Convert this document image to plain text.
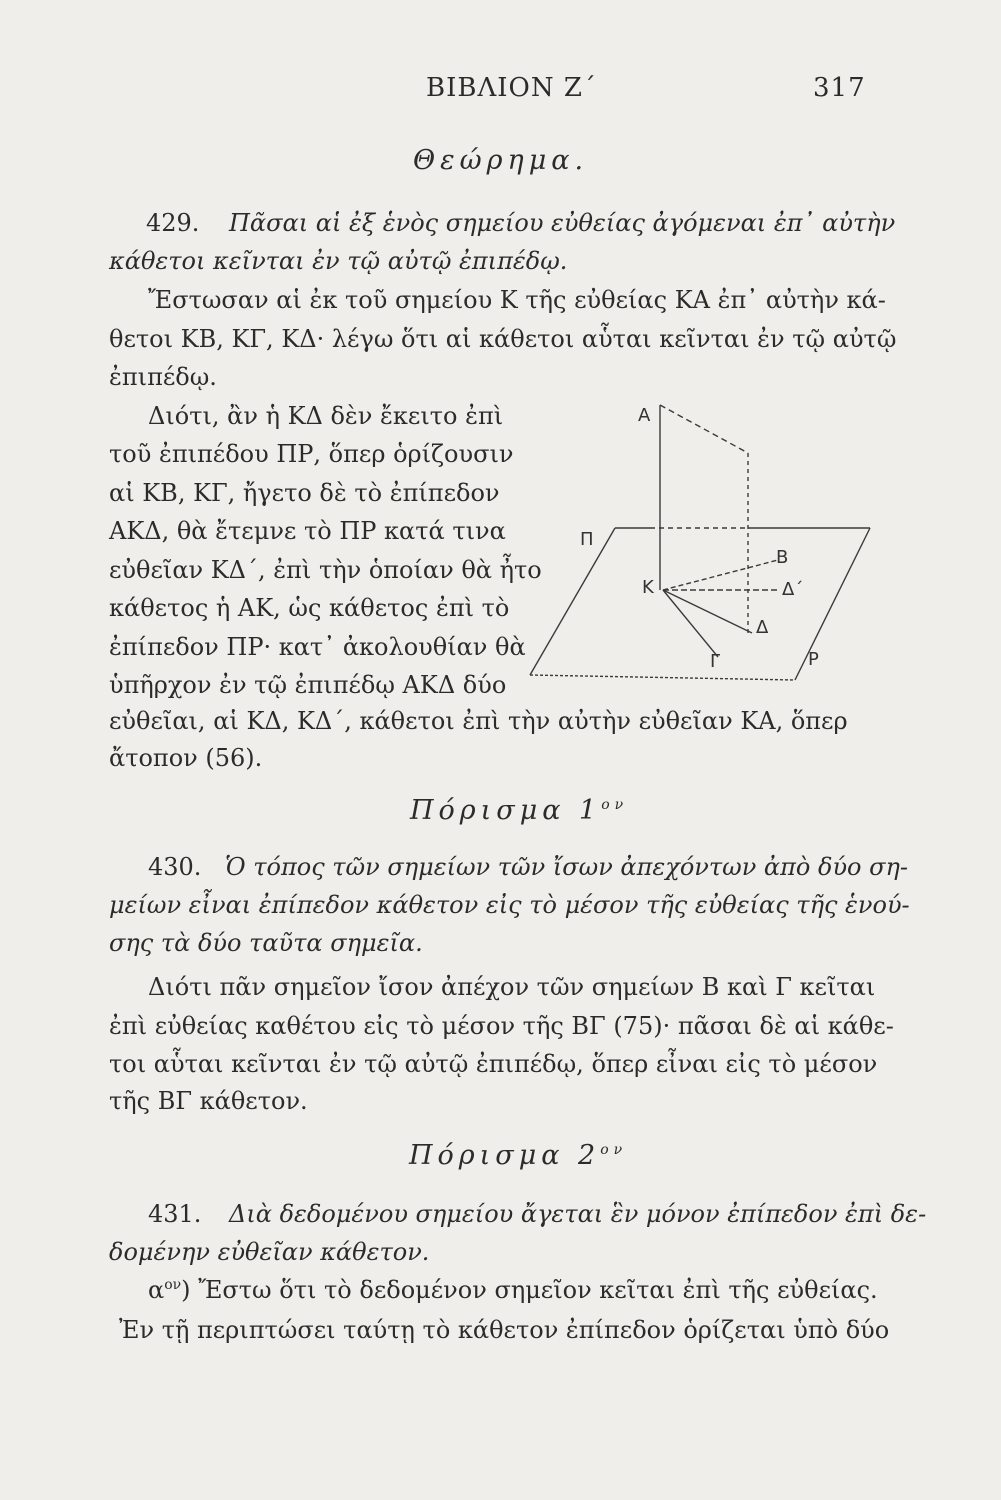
ΒΙΒΛΙΟΝ Ζ΄	317
Θεώρημα.
429. Πᾶσαι αἱ ἐξ ἑνὸς σημείου εὐθείας ἀγόμεναι ἐπ᾿ αὐτὴν
κάθετοι κεῖνται ἐν τῷ αὐτῷ ἐπιπέδῳ.
Ἔστωσαν αἱ ἐκ τοῦ σημείου Κ τῆς εὐθείας ΚΑ ἐπ᾿ αὐτὴν κά-
θετοι ΚΒ, ΚΓ, ΚΔ· λέγω ὅτι αἱ κάθετοι αὗται κεῖνται ἐν τῷ αὐτῷ
ἐπιπέδῳ.
Διότι, ἂν ἡ ΚΔ δὲν ἔκειτο ἐπὶ
τοῦ ἐπιπέδου ΠΡ, ὅπερ ὁρίζουσιν
αἱ ΚΒ, ΚΓ, ἤγετο δὲ τὸ ἐπίπεδον
ΑΚΔ, θὰ ἔτεμνε τὸ ΠΡ κατά τινα
εὐθεῖαν ΚΔ΄, ἐπὶ τὴν ὁποίαν θὰ ἦτο
κάθετος ἡ ΑΚ, ὡς κάθετος ἐπὶ τὸ
ἐπίπεδον ΠΡ· κατ᾿ ἀκολουθίαν θὰ
ὑπῆρχον ἐν τῷ ἐπιπέδῳ ΑΚΔ δύο
Α
Π
Β
Κ	Δ΄
Δ
Γ	Ρ
εὐθεῖαι, αἱ ΚΔ, ΚΔ΄, κάθετοι ἐπὶ τὴν αὐτὴν εὐθεῖαν ΚΑ, ὅπερ
ἄτοπον (56).
Πόρισμα $1^{o\nu}$
430. Ὁ τόπος τῶν σημείων τῶν ἴσων ἀπεχόντων ἀπὸ δύο ση-
μείων εἶναι ἐπίπεδον κάθετον εἰς τὸ μέσον τῆς εὐθείας τῆς ἑνού-
σης τὰ δύο ταῦτα σημεῖα.
Διότι πᾶν σημεῖον ἴσον ἀπέχον τῶν σημείων Β καὶ Γ κεῖται
ἐπὶ εὐθείας καθέτου εἰς τὸ μέσον τῆς ΒΓ (75)· πᾶσαι δὲ αἱ κάθε-
τοι αὗται κεῖνται ἐν τῷ αὐτῷ ἐπιπέδῳ, ὅπερ εἶναι εἰς τὸ μέσον
τῆς ΒΓ κάθετον.
Πόρισμα $2^{o\nu}$
431. Διὰ δεδομένου σημείου ἄγεται ἓν μόνον ἐπίπεδον ἐπὶ δε-
δομένην εὐθεῖαν κάθετον.
$\alpha^{o\nu}$) Ἔστω ὅτι τὸ δεδομένον σημεῖον κεῖται ἐπὶ τῆς εὐθείας.
Ἐν τῇ περιπτώσει ταύτῃ τὸ κάθετον ἐπίπεδον ὁρίζεται ὑπὸ δύο
